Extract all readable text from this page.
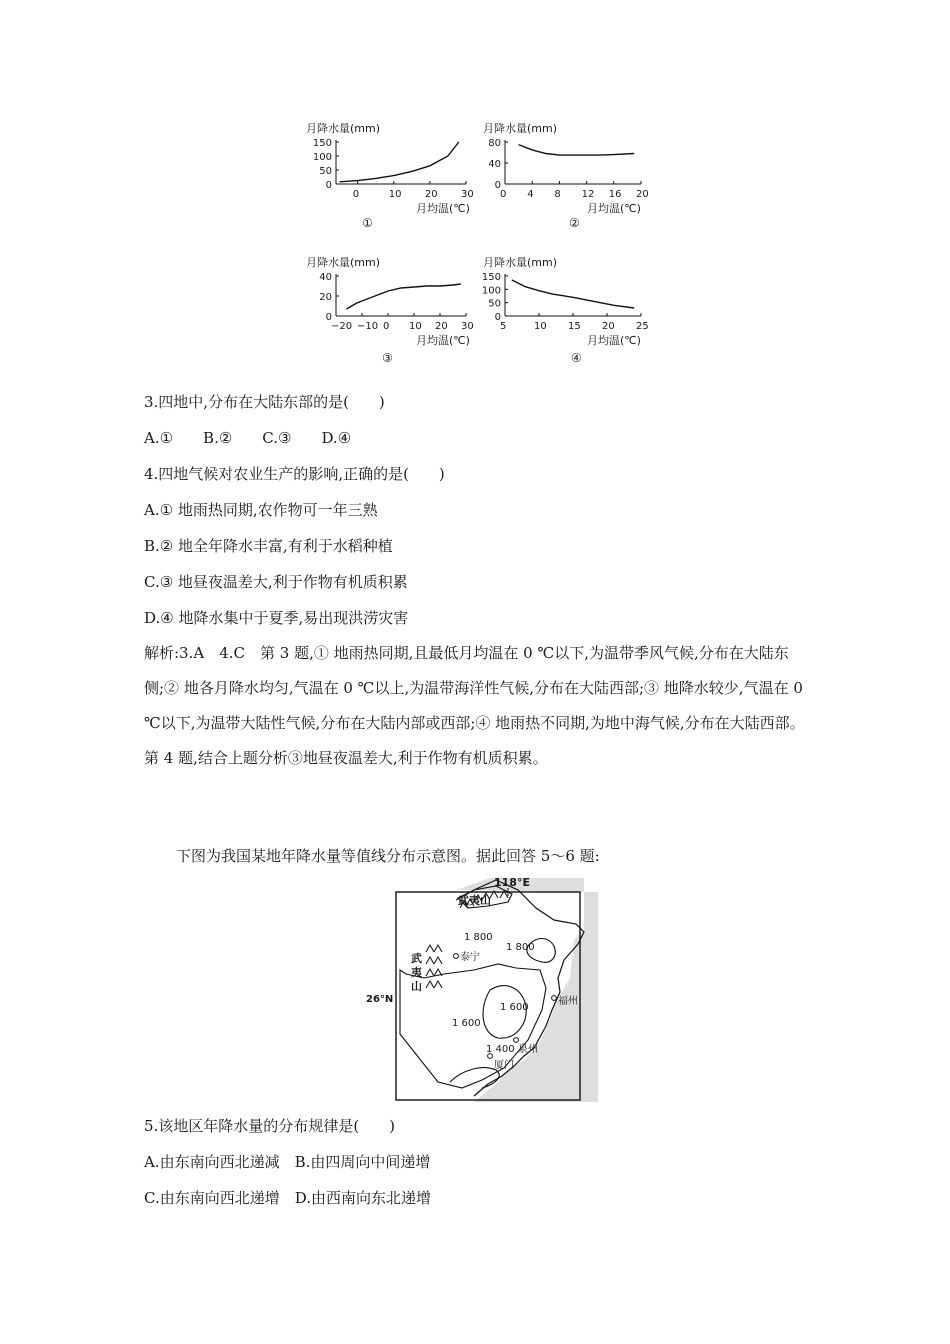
月降水量(mm)
月均温(℃)
①
0	10 20 30
150
100
50
0
月降水量(mm)
月均温(℃)
②
0 4 8 12 16 20
80
40
0
月降水量(mm)
月均温(℃)
③
−20 −10 0 10 20 30
40
20
0
月降水量(mm)
月均温(℃)
④
5	10 15 20 25
150
100
50
0
3.四地中,分布在大陆东部的是(　　)
A.①　　B.②　　C.③　　D.④
4.四地气候对农业生产的影响,正确的是(　　)
A.① 地雨热同期,农作物可一年三熟
B.② 地全年降水丰富,有利于水稻种植
C.③ 地昼夜温差大,利于作物有机质积累
D.④ 地降水集中于夏季,易出现洪涝灾害

解析:3.A　4.C　第 3 题,① 地雨热同期,且最低月均温在 0 ℃以下,为温带季风气候,分布在大陆东侧;② 地各月降水均匀,气温在 0 ℃以上,为温带海洋性气候,分布在大陆西部;③ 地降水较少,气温在 0 ℃以下,为温带大陆性气候,分布在大陆内部或西部;④ 地雨热不同期,为地中海气候,分布在大陆西部。第 4 题,结合上题分析③地昼夜温差大,利于作物有机质积累。

下图为我国某地年降水量等值线分布示意图。据此回答 5～6 题:
118°E
26°N
武夷山
武
夷
山
1 800
1 800
泰宁
福州
1 600
1 600
1 400 泉州
厦门
5.该地区年降水量的分布规律是(　　)
A.由东南向西北递减　B.由四周向中间递增
C.由东南向西北递增　D.由西南向东北递增
